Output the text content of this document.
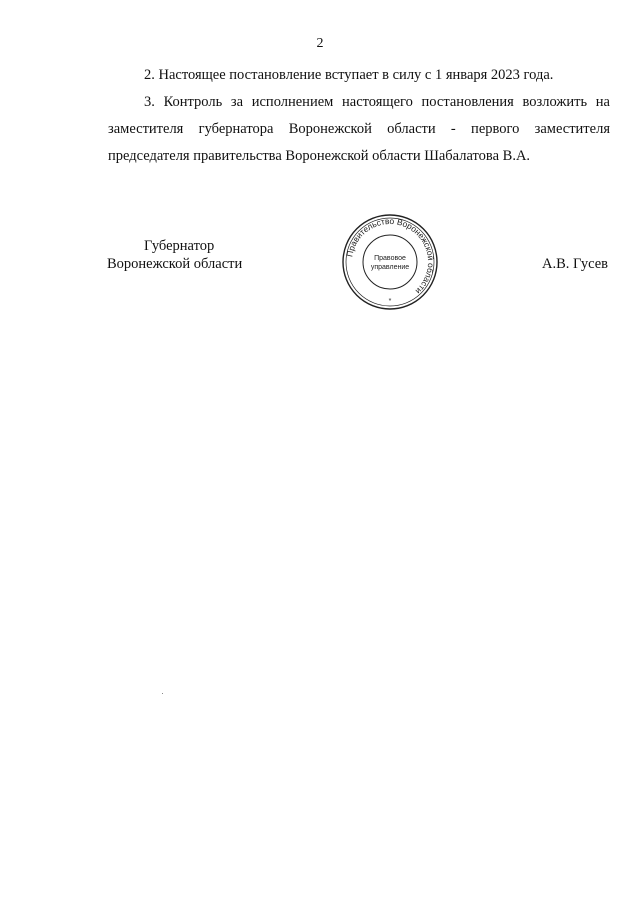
2

2. Настоящее постановление вступает в силу с 1 января 2023 года.

3. Контроль за исполнением настоящего постановления возложить на заместителя губернатора Воронежской области - первого заместителя председателя правительства Воронежской области Шабалатова В.А.

Губернатор
Воронежской области
Правительство Воронежской области
Правовое
управление
*
А.В. Гусев
